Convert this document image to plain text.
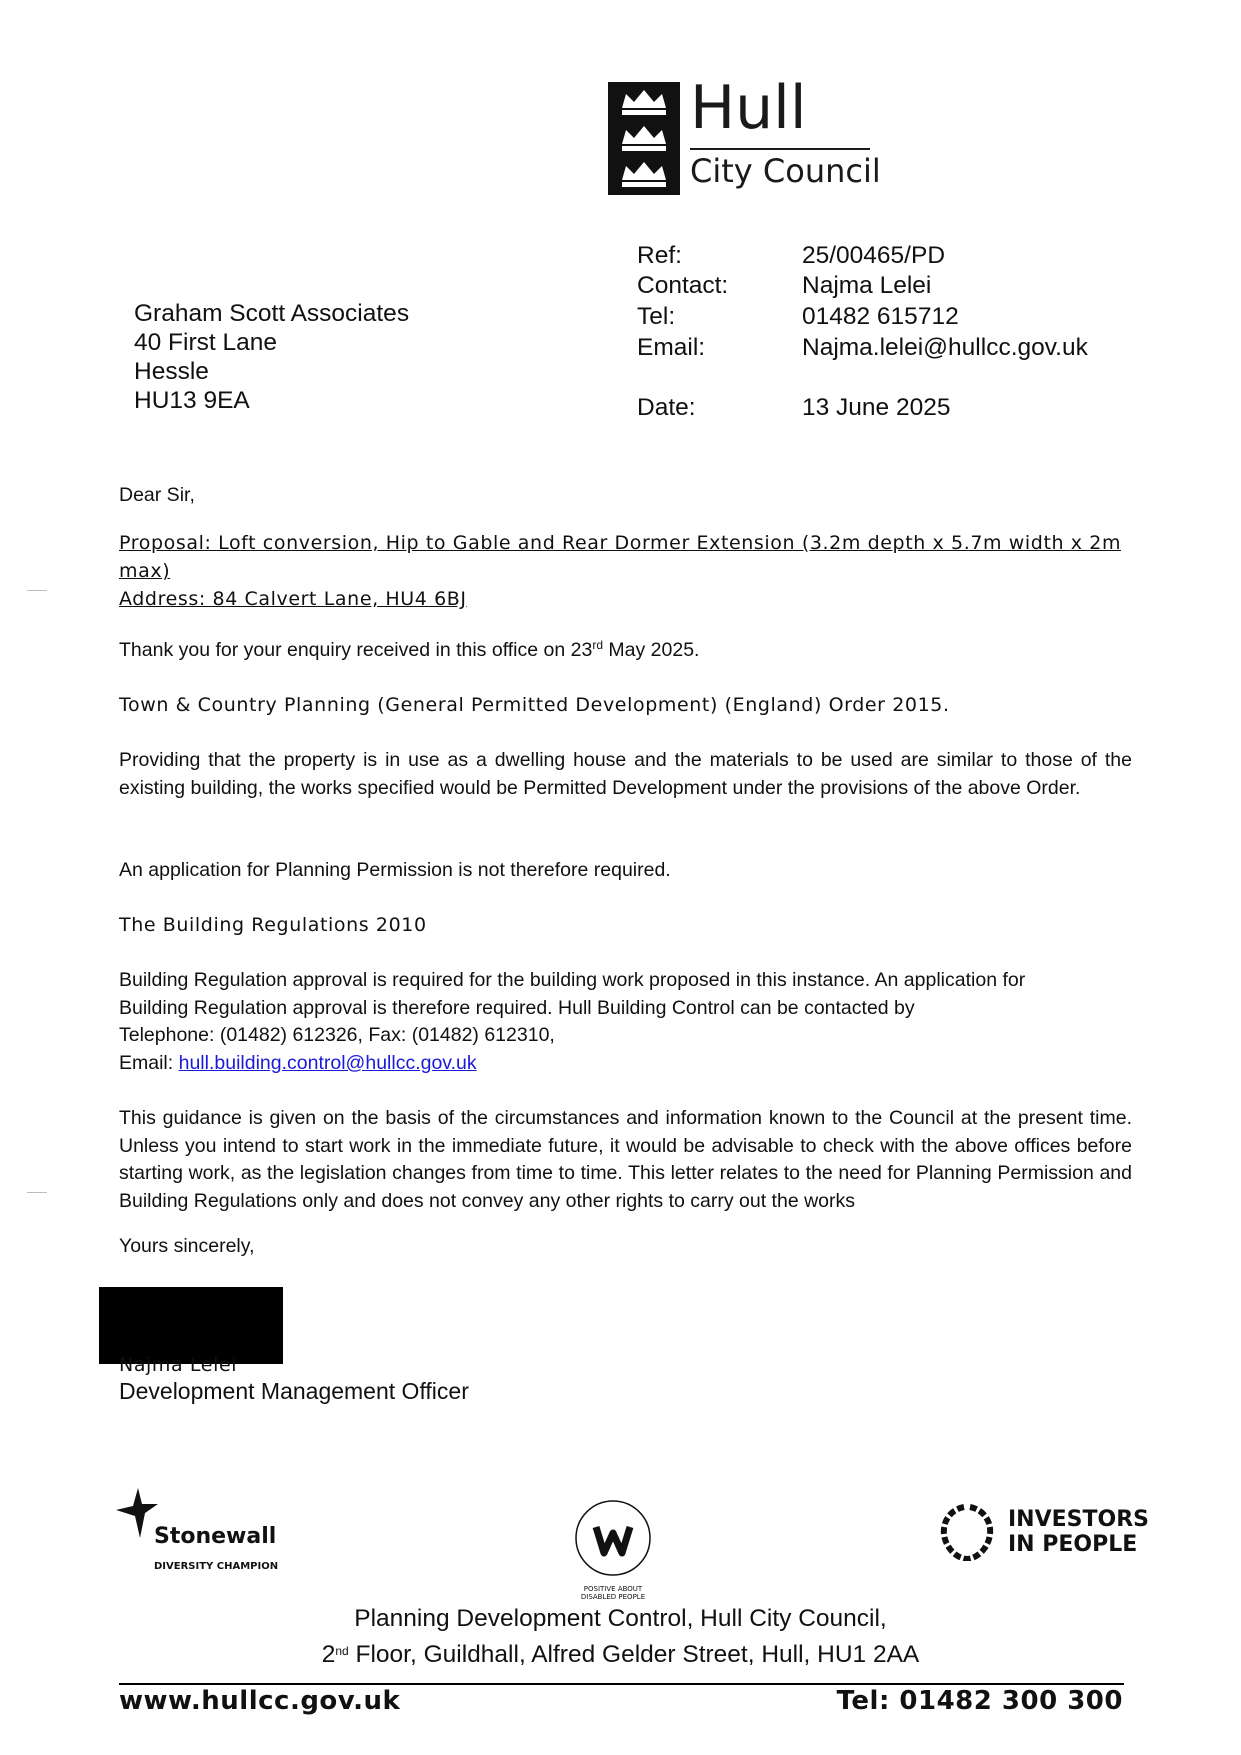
Hull
City Council
Graham Scott Associates
40 First Lane
Hessle
HU13 9EA
Ref:	25/00465/PD
Contact:	Najma Lelei
Tel:	01482 615712
Email:	Najma.lelei@hullcc.gov.uk
Date:	13 June 2025
Dear Sir,
Proposal: Loft conversion, Hip to Gable and Rear Dormer Extension (3.2m depth x 5.7m width x 2m
max)
Address: 84 Calvert Lane, HU4 6BJ
Thank you for your enquiry received in this office on 23rd May 2025.
Town & Country Planning (General Permitted Development) (England) Order 2015.
Providing that the property is in use as a dwelling house and the materials to be used are similar to those of the existing building, the works specified would be Permitted Development under the provisions of the above Order.
An application for Planning Permission is not therefore required.
The Building Regulations 2010
Building Regulation approval is required for the building work proposed in this instance. An application for
Building Regulation approval is therefore required. Hull Building Control can be contacted by
Telephone: (01482) 612326, Fax: (01482) 612310,
Email: hull.building.control@hullcc.gov.uk
This guidance is given on the basis of the circumstances and information known to the Council at the present time. Unless you intend to start work in the immediate future, it would be advisable to check with the above offices before starting work, as the legislation changes from time to time. This letter relates to the need for Planning Permission and Building Regulations only and does not convey any other rights to carry out the works
Yours sincerely,
Najma Lelei
Development Management Officer
Stonewall
DIVERSITY CHAMPION
POSITIVE ABOUT DISABLED PEOPLE
INVESTORS
IN PEOPLE
Planning Development Control, Hull City Council,
2nd Floor, Guildhall, Alfred Gelder Street, Hull, HU1 2AA
www.hullcc.gov.uk	Tel: 01482 300 300
